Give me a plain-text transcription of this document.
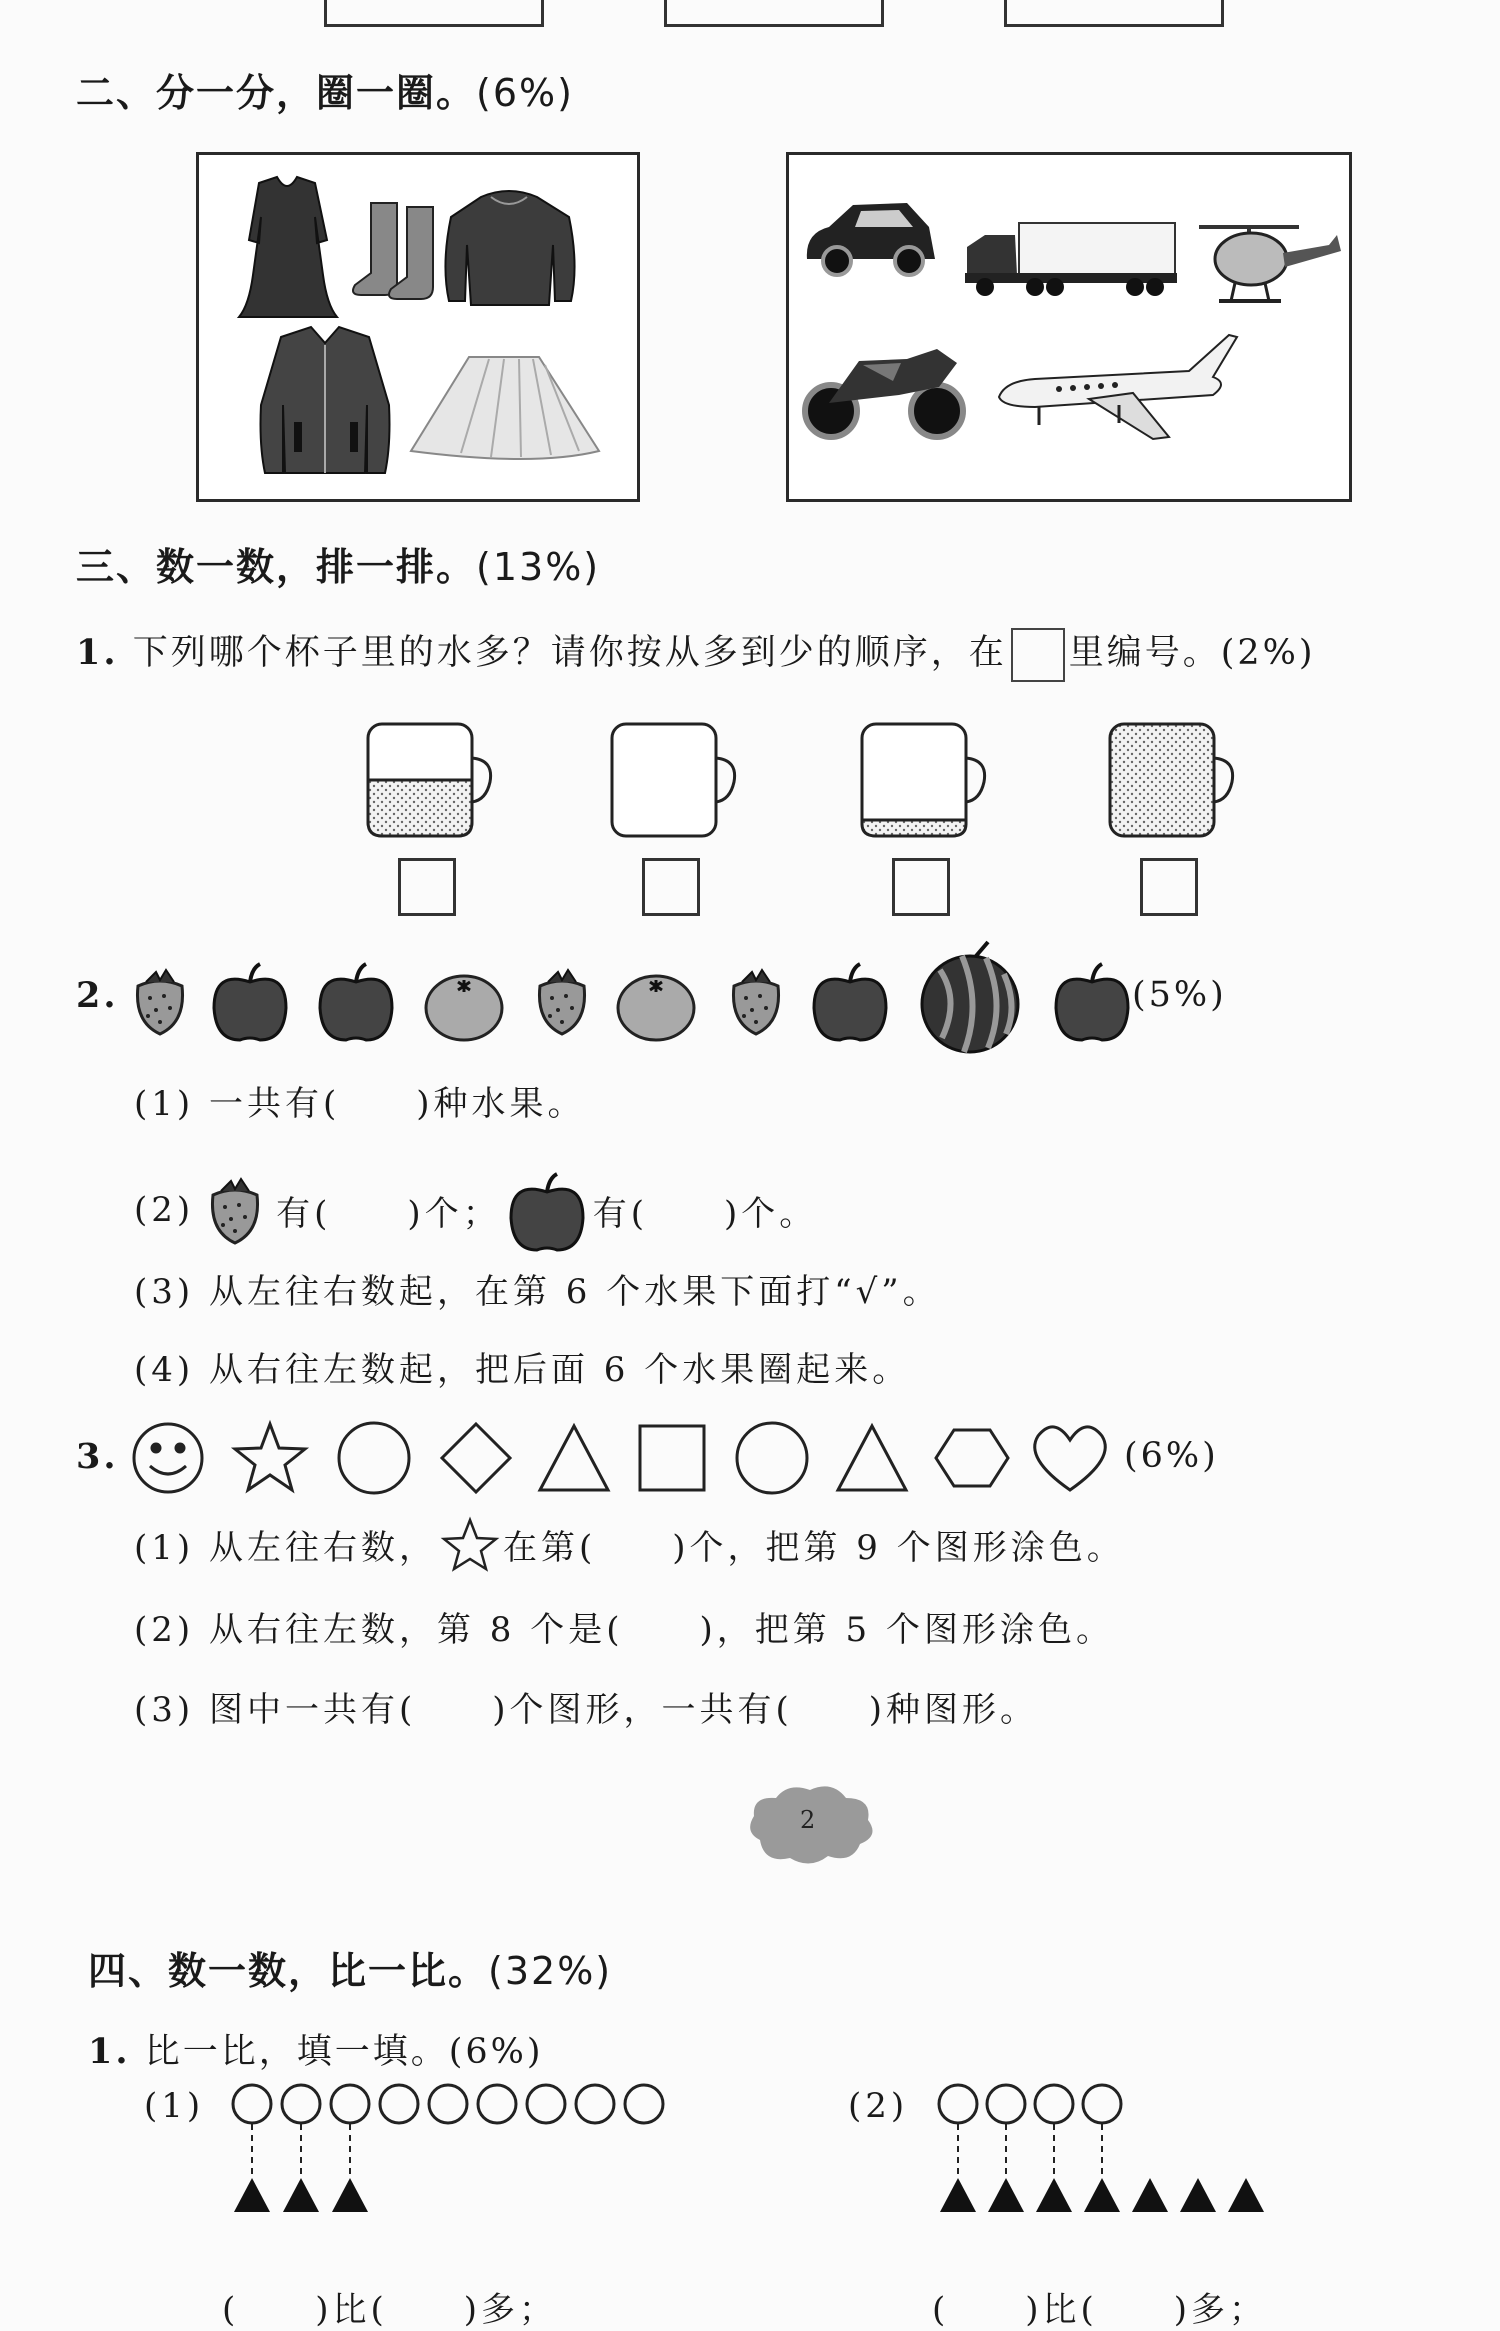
二、分一分，圈一圈。(6%)
三、数一数，排一排。(13%)
1. 下列哪个杯子里的水多？请你按从多到少的顺序，在 里编号。(2%)
2.	(5%)
(1) 一共有(　　)种水果。
(2) 有(　　)个；	有(　　)个。
(3) 从左往右数起，在第 6 个水果下面打“√”。
(4) 从右往左数起，把后面 6 个水果圈起来。
3.	(6%)
(1) 从左往右数， 在第(　　)个，把第 9 个图形涂色。
(2) 从右往左数，第 8 个是(　　)，把第 5 个图形涂色。
(3) 图中一共有(　　)个图形，一共有(　　)种图形。
2
四、数一数，比一比。(32%)
1. 比一比，填一填。(6%)
(1)
(　　)比(　　)多；
(2)
(　　)比(　　)多；
